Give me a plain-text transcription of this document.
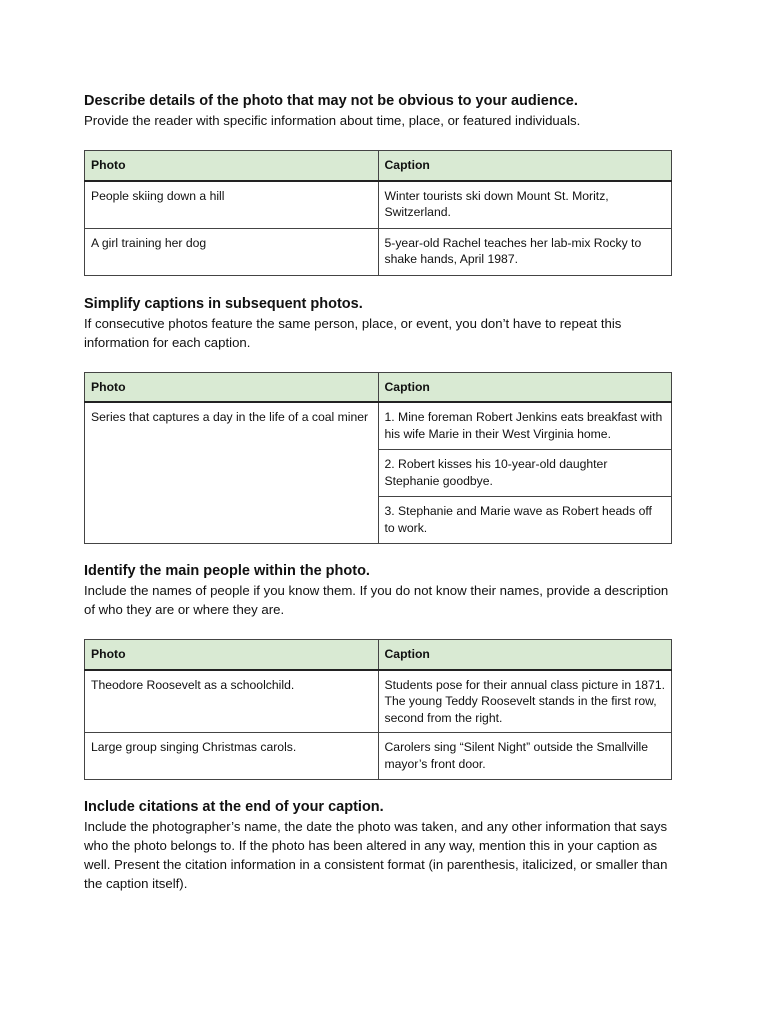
Describe details of the photo that may not be obvious to your audience.

Provide the reader with specific information about time, place, or featured individuals.

Photo	Caption
People skiing down a hill	Winter tourists ski down Mount St. Moritz, Switzerland.
A girl training her dog	5-year-old Rachel teaches her lab-mix Rocky to shake hands, April 1987.
Simplify captions in subsequent photos.

If consecutive photos feature the same person, place, or event, you don’t have to repeat this information for each caption.

Photo	Caption
Series that captures a day in the life of a coal miner	1. Mine foreman Robert Jenkins eats breakfast with his wife Marie in their West Virginia home.
	2. Robert kisses his 10-year-old daughter Stephanie goodbye.
	3. Stephanie and Marie wave as Robert heads off to work.
Identify the main people within the photo.

Include the names of people if you know them. If you do not know their names, provide a description of who they are or where they are.

Photo	Caption
Theodore Roosevelt as a schoolchild.	Students pose for their annual class picture in 1871. The young Teddy Roosevelt stands in the first row, second from the right.
Large group singing Christmas carols.	Carolers sing “Silent Night” outside the Smallville mayor’s front door.
Include citations at the end of your caption.

Include the photographer’s name, the date the photo was taken, and any other information that says who the photo belongs to. If the photo has been altered in any way, mention this in your caption as well. Present the citation information in a consistent format (in parenthesis, italicized, or smaller than the caption itself).
